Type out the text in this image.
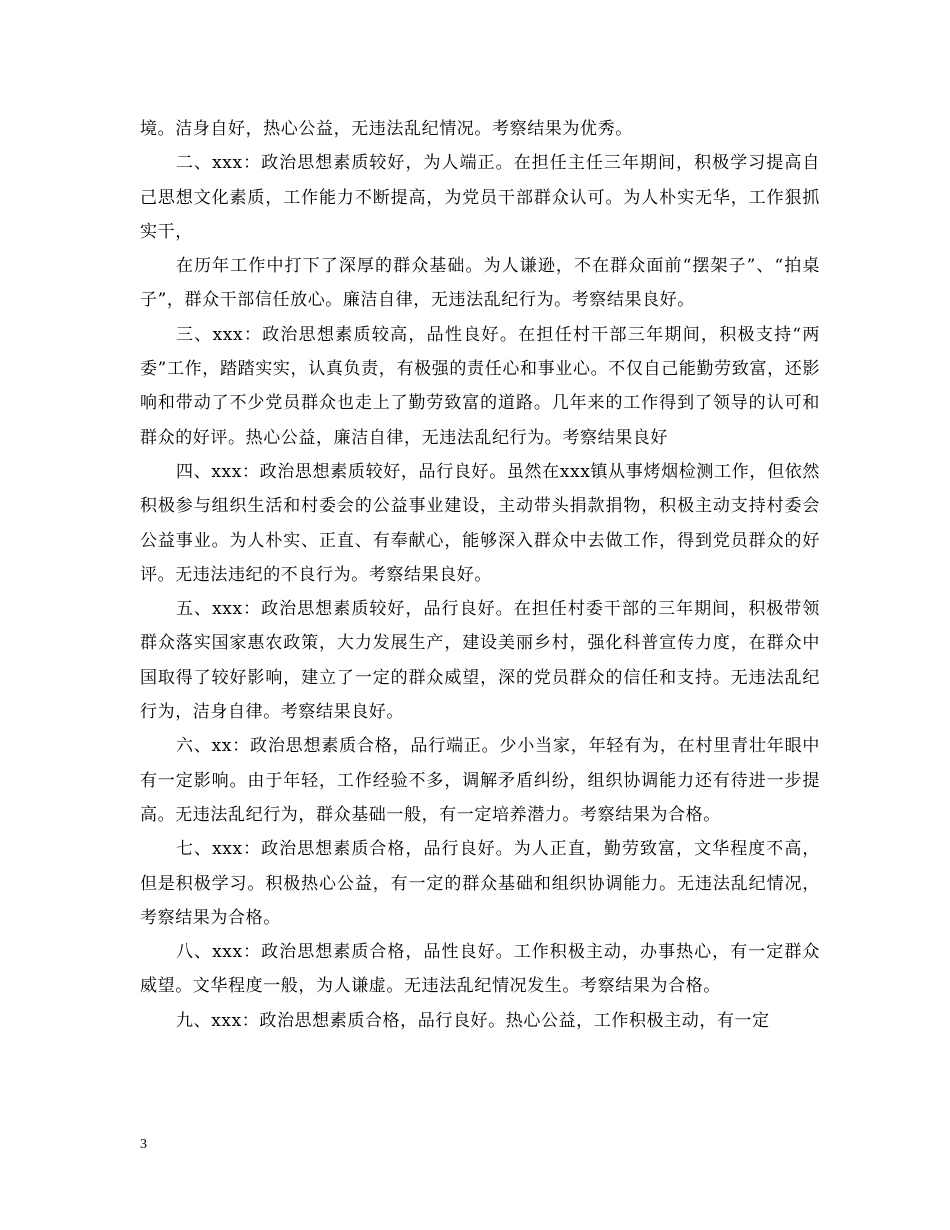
境。洁身自好，热心公益，无违法乱纪情况。考察结果为优秀。

二、xxx：政治思想素质较好，为人端正。在担任主任三年期间，积极学习提高自己思想文化素质，工作能力不断提高，为党员干部群众认可。为人朴实无华，工作狠抓实干，

在历年工作中打下了深厚的群众基础。为人谦逊，不在群众面前“摆架子”、“拍桌子”，群众干部信任放心。廉洁自律，无违法乱纪行为。考察结果良好。

三、xxx：政治思想素质较高，品性良好。在担任村干部三年期间，积极支持“两委”工作，踏踏实实，认真负责，有极强的责任心和事业心。不仅自己能勤劳致富，还影响和带动了不少党员群众也走上了勤劳致富的道路。几年来的工作得到了领导的认可和群众的好评。热心公益，廉洁自律，无违法乱纪行为。考察结果良好

四、xxx：政治思想素质较好，品行良好。虽然在xxx镇从事烤烟检测工作，但依然积极参与组织生活和村委会的公益事业建设，主动带头捐款捐物，积极主动支持村委会公益事业。为人朴实、正直、有奉献心，能够深入群众中去做工作，得到党员群众的好评。无违法违纪的不良行为。考察结果良好。

五、xxx：政治思想素质较好，品行良好。在担任村委干部的三年期间，积极带领群众落实国家惠农政策，大力发展生产，建设美丽乡村，强化科普宣传力度，在群众中国取得了较好影响，建立了一定的群众威望，深的党员群众的信任和支持。无违法乱纪行为，洁身自律。考察结果良好。

六、xx：政治思想素质合格，品行端正。少小当家，年轻有为，在村里青壮年眼中有一定影响。由于年轻，工作经验不多，调解矛盾纠纷，组织协调能力还有待进一步提高。无违法乱纪行为，群众基础一般，有一定培养潜力。考察结果为合格。

七、xxx：政治思想素质合格，品行良好。为人正直，勤劳致富，文华程度不高，但是积极学习。积极热心公益，有一定的群众基础和组织协调能力。无违法乱纪情况，考察结果为合格。

八、xxx：政治思想素质合格，品性良好。工作积极主动，办事热心，有一定群众威望。文华程度一般，为人谦虚。无违法乱纪情况发生。考察结果为合格。

九、xxx：政治思想素质合格，品行良好。热心公益，工作积极主动，有一定

3
